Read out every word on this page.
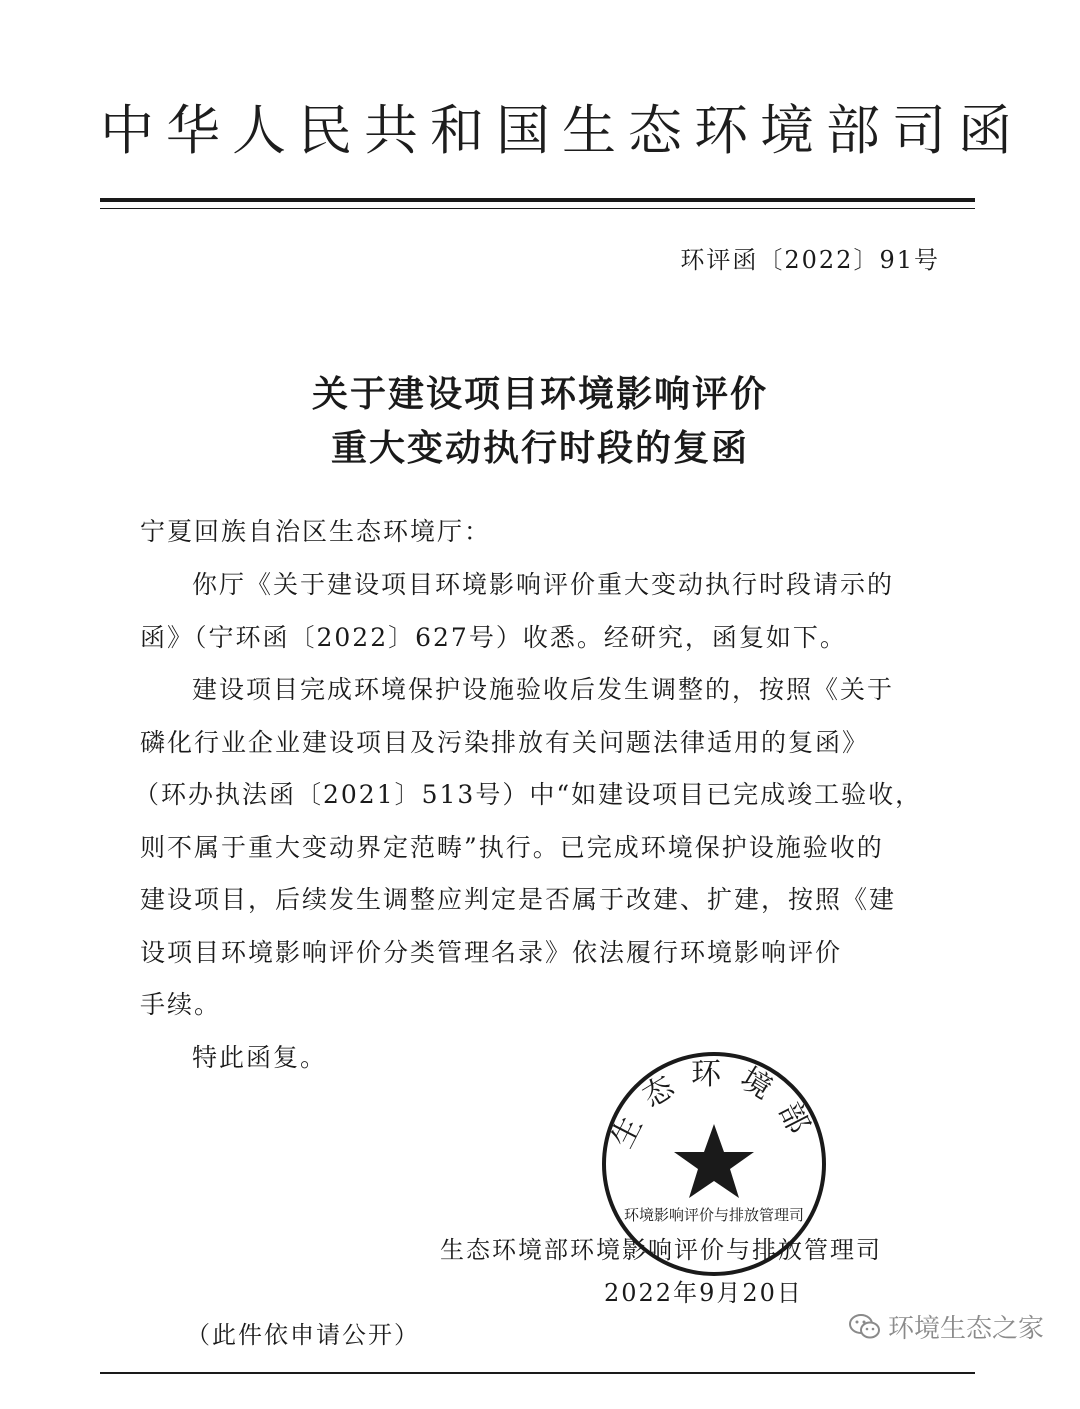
中华人民共和国生态环境部司函
环评函〔2022〕91号
关于建设项目环境影响评价
重大变动执行时段的复函
宁夏回族自治区生态环境厅：
你厅《关于建设项目环境影响评价重大变动执行时段请示的
函》（宁环函〔2022〕627号）收悉。经研究，函复如下。
建设项目完成环境保护设施验收后发生调整的，按照《关于
磷化行业企业建设项目及污染排放有关问题法律适用的复函》
（环办执法函〔2021〕513号）中“如建设项目已完成竣工验收，
则不属于重大变动界定范畴”执行。已完成环境保护设施验收的
建设项目，后续发生调整应判定是否属于改建、扩建，按照《建
设项目环境影响评价分类管理名录》依法履行环境影响评价
手续。
特此函复。
生态环境部
环境影响评价与排放管理司
生态环境部环境影响评价与排放管理司
2022年9月20日
（此件依申请公开）	环境生态之家
